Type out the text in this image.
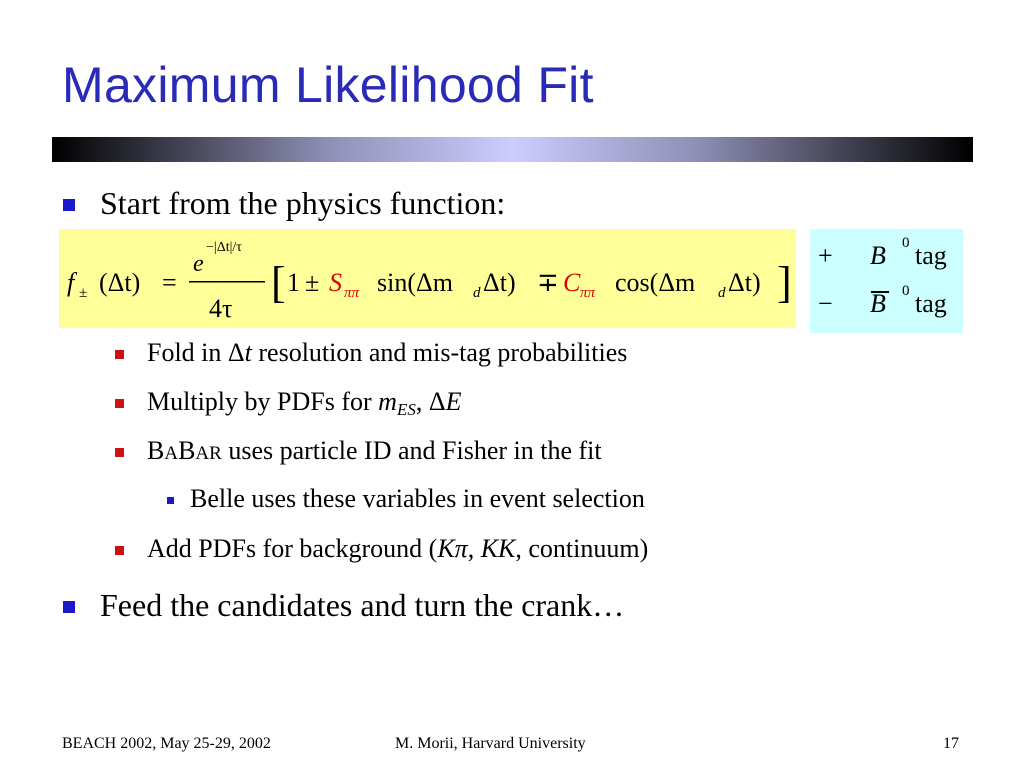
Maximum Likelihood Fit
Start from the physics function:
f ± (Δt) =
e
−|Δt|/τ
4τ
[ 1 ± S ππ sin(Δm d Δt) ∓ C ππ cos(Δm d Δt) ]
+ B 0 tag
− B 0 tag
Fold in Δt resolution and mis-tag probabilities
Multiply by PDFs for $m_{ES}$, ΔE
BABAR uses particle ID and Fisher in the fit
Belle uses these variables in event selection
Add PDFs for background (Kπ, KK, continuum)
Feed the candidates and turn the crank…
BEACH 2002, May 25-29, 2002	M. Morii, Harvard University	17
